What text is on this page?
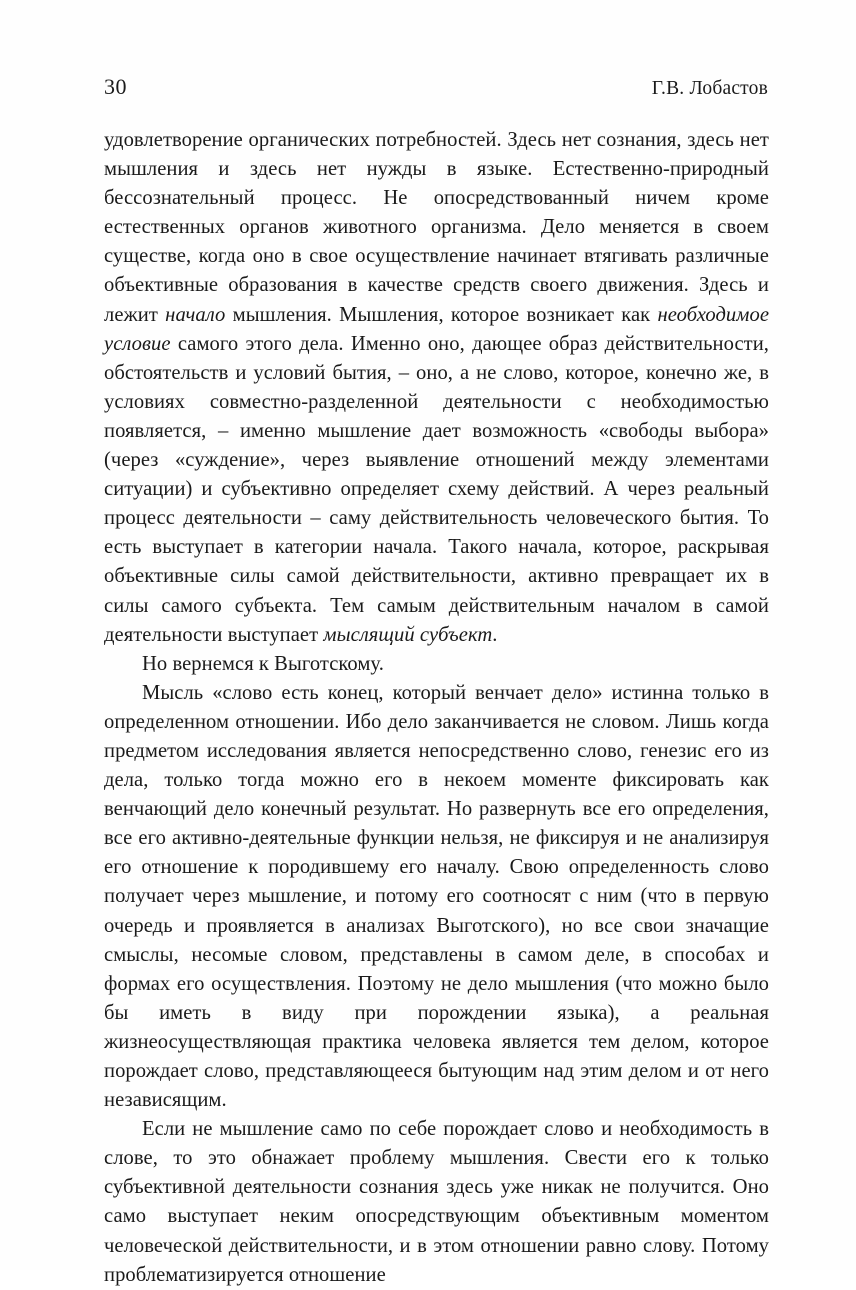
30	Г.В. Лобастов

удовлетворение органических потребностей. Здесь нет сознания, здесь нет мышления и здесь нет нужды в языке. Естественно-природный бессознательный процесс. Не опосредствованный ничем кроме естественных органов животного организма. Дело меняется в своем существе, когда оно в свое осуществление начинает втягивать различные объективные образования в качестве средств своего движения. Здесь и лежит начало мышления. Мышления, которое возникает как необходимое условие самого этого дела. Именно оно, дающее образ действительности, обстоятельств и условий бытия, – оно, а не слово, которое, конечно же, в условиях совместно-разделенной деятельности с необходимостью появляется, – именно мышление дает возможность «свободы выбора» (через «суждение», через выявление отношений между элементами ситуации) и субъективно определяет схему действий. А через реальный процесс деятельности – саму действительность человеческого бытия. То есть выступает в категории начала. Такого начала, которое, раскрывая объективные силы самой действительности, активно превращает их в силы самого субъекта. Тем самым действительным началом в самой деятельности выступает мыслящий субъект.

Но вернемся к Выготскому.

Мысль «слово есть конец, который венчает дело» истинна только в определенном отношении. Ибо дело заканчивается не словом. Лишь когда предметом исследования является непосредственно слово, генезис его из дела, только тогда можно его в некоем моменте фиксировать как венчающий дело конечный результат. Но развернуть все его определения, все его активно-деятельные функции нельзя, не фиксируя и не анализируя его отношение к породившему его началу. Свою определенность слово получает через мышление, и потому его соотносят с ним (что в первую очередь и проявляется в анализах Выготского), но все свои значащие смыслы, несомые словом, представлены в самом деле, в способах и формах его осуществления. Поэтому не дело мышления (что можно было бы иметь в виду при порождении языка), а реальная жизнеосуществляющая практика человека является тем делом, которое порождает слово, представляющееся бытующим над этим делом и от него независящим.

Если не мышление само по себе порождает слово и необходимость в слове, то это обнажает проблему мышления. Свести его к только субъективной деятельности сознания здесь уже никак не получится. Оно само выступает неким опосредствующим объективным моментом человеческой действительности, и в этом отношении равно слову. Потому проблематизируется отношение
